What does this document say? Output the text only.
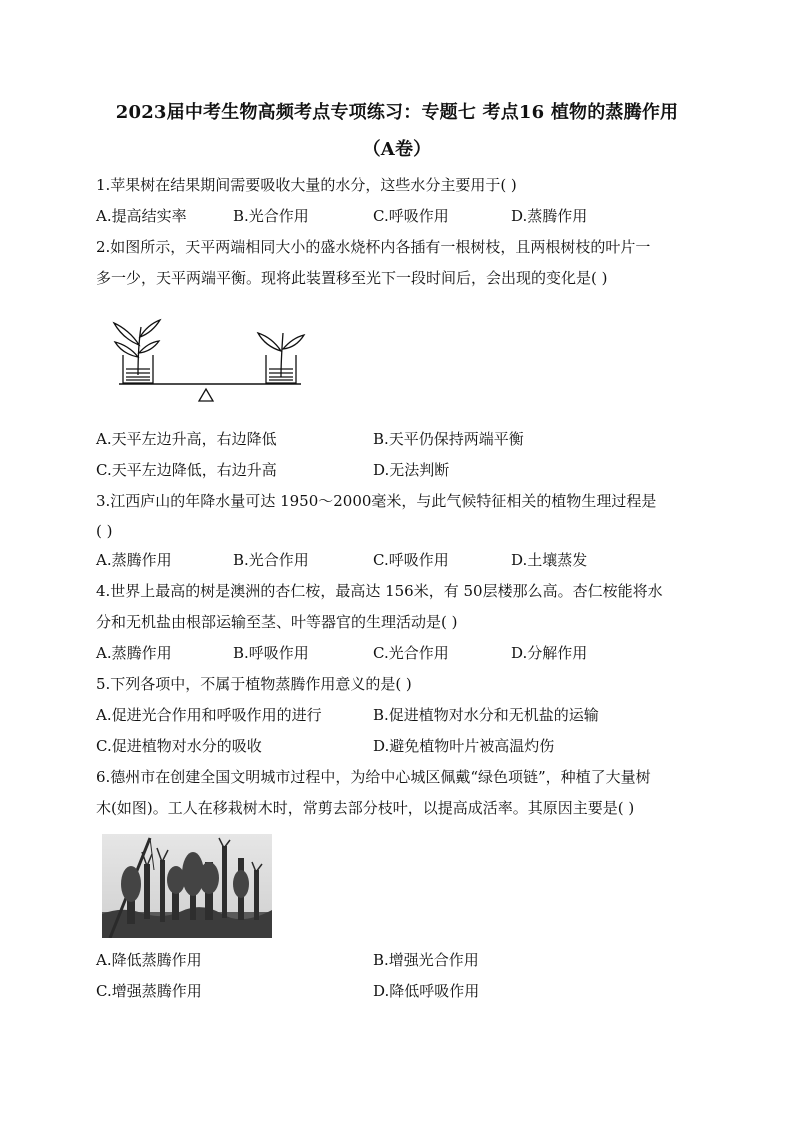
2023届中考生物高频考点专项练习：专题七 考点16 植物的蒸腾作用
（A卷）
1.苹果树在结果期间需要吸收大量的水分，这些水分主要用于( )
A.提高结实率	B.光合作用	C.呼吸作用	D.蒸腾作用
2.如图所示，天平两端相同大小的盛水烧杯内各插有一根树枝，且两根树枝的叶片一
多一少，天平两端平衡。现将此装置移至光下一段时间后，会出现的变化是( )
A.天平左边升高，右边降低	B.天平仍保持两端平衡
C.天平左边降低，右边升高	D.无法判断
3.江西庐山的年降水量可达 1950～2000毫米，与此气候特征相关的植物生理过程是
( )
A.蒸腾作用	B.光合作用	C.呼吸作用	D.土壤蒸发
4.世界上最高的树是澳洲的杏仁桉，最高达 156米，有 50层楼那么高。杏仁桉能将水
分和无机盐由根部运输至茎、叶等器官的生理活动是( )
A.蒸腾作用	B.呼吸作用	C.光合作用	D.分解作用
5.下列各项中，不属于植物蒸腾作用意义的是( )
A.促进光合作用和呼吸作用的进行	B.促进植物对水分和无机盐的运输
C.促进植物对水分的吸收	D.避免植物叶片被高温灼伤
6.德州市在创建全国文明城市过程中，为给中心城区佩戴“绿色项链”，种植了大量树
木(如图)。工人在移栽树木时，常剪去部分枝叶，以提高成活率。其原因主要是( )
A.降低蒸腾作用	B.增强光合作用
C.增强蒸腾作用	D.降低呼吸作用
